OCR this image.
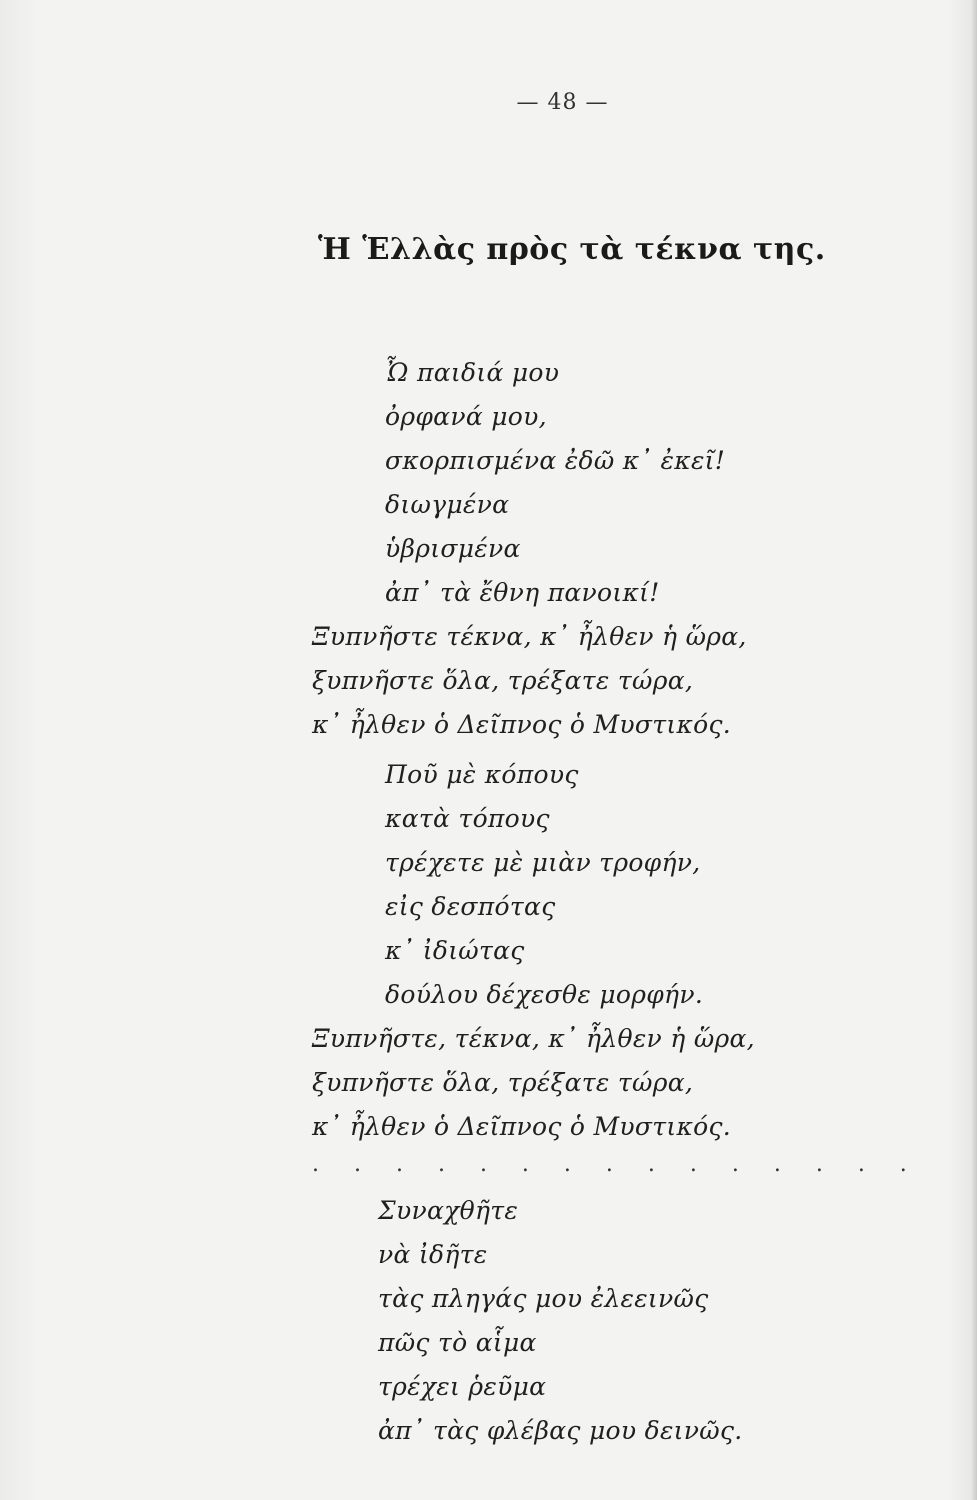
— 48 —
Ἡ Ἑλλὰς πρὸς τὰ τέκνα της.
Ὦ παιδιά μου
ὀρφανά μου,
σκορπισμένα ἐδῶ κ᾽ ἐκεῖ!
διωγμένα
ὑβρισμένα
ἀπ᾽ τὰ ἔθνη πανοικί!
Ξυπνῆστε τέκνα, κ᾽ ἦλθεν ἡ ὥρα,
ξυπνῆστε ὅλα, τρέξατε τώρα,
κ᾽ ἦλθεν ὁ Δεῖπνος ὁ Μυστικός.
Ποῦ μὲ κόπους
κατὰ τόπους
τρέχετε μὲ μιὰν τροφήν,
εἰς δεσπότας
κ᾽ ἰδιώτας
δούλου δέχεσθε μορφήν.
Ξυπνῆστε, τέκνα, κ᾽ ἦλθεν ἡ ὥρα,
ξυπνῆστε ὅλα, τρέξατε τώρα,
κ᾽ ἦλθεν ὁ Δεῖπνος ὁ Μυστικός.
. . . . . . . . . . . . . . .
Συναχθῆτε
νὰ ἰδῆτε
τὰς πληγάς μου ἐλεεινῶς
πῶς τὸ αἷμα
τρέχει ῥεῦμα
ἀπ᾽ τὰς φλέβας μου δεινῶς.
